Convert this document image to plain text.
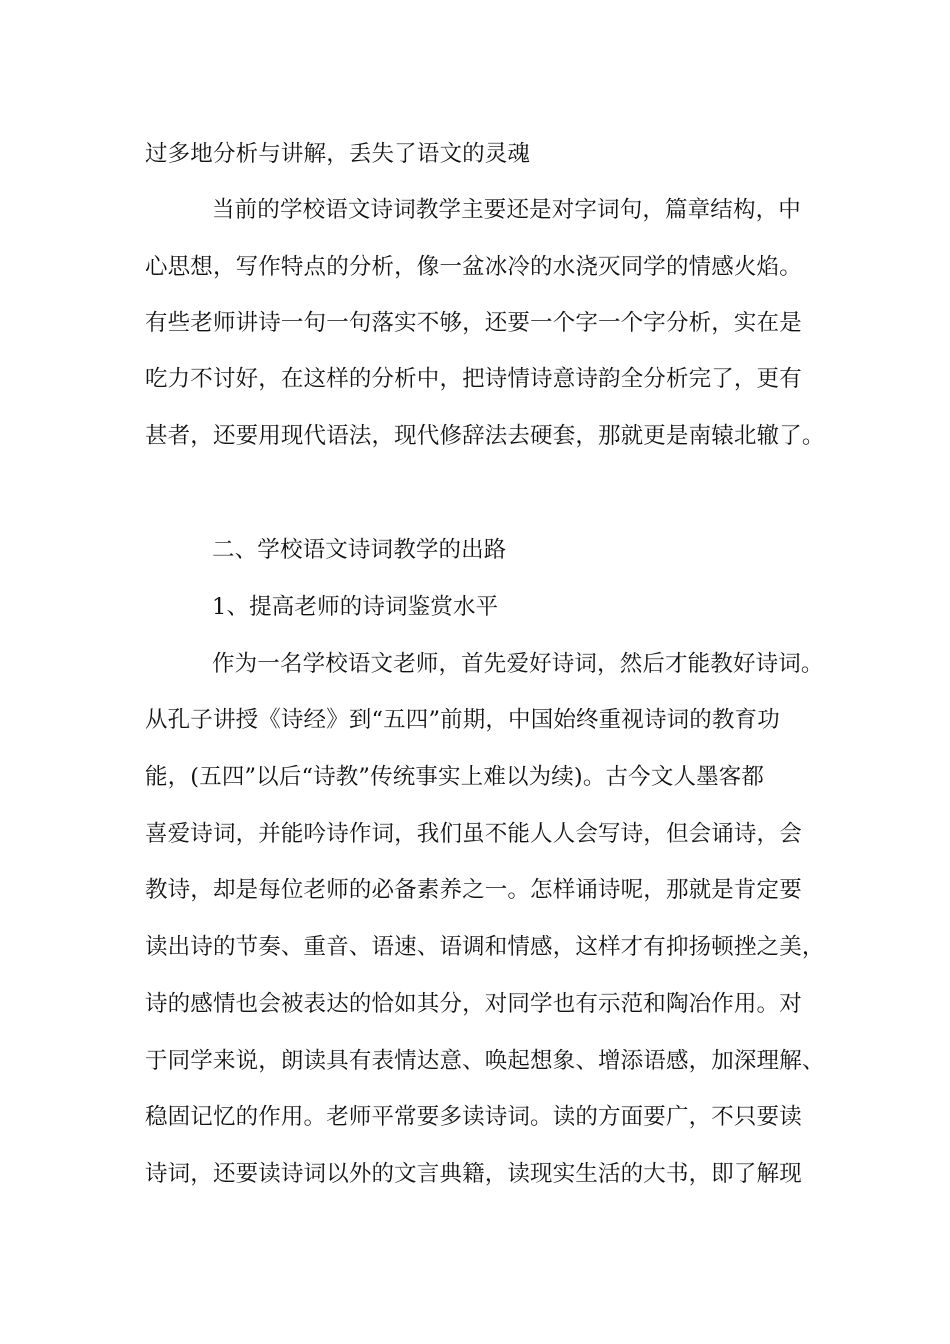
过多地分析与讲解，丢失了语文的灵魂
当前的学校语文诗词教学主要还是对字词句，篇章结构，中
心思想，写作特点的分析，像一盆冰冷的水浇灭同学的情感火焰。
有些老师讲诗一句一句落实不够，还要一个字一个字分析，实在是
吃力不讨好，在这样的分析中，把诗情诗意诗韵全分析完了，更有
甚者，还要用现代语法，现代修辞法去硬套，那就更是南辕北辙了。
二、学校语文诗词教学的出路
1、提高老师的诗词鉴赏水平
作为一名学校语文老师，首先爱好诗词，然后才能教好诗词。
从孔子讲授《诗经》到“五四”前期，中国始终重视诗词的教育功
能，(五四”以后“诗教”传统事实上难以为续)。古今文人墨客都
喜爱诗词，并能吟诗作词，我们虽不能人人会写诗，但会诵诗，会
教诗，却是每位老师的必备素养之一。怎样诵诗呢，那就是肯定要
读出诗的节奏、重音、语速、语调和情感，这样才有抑扬顿挫之美，
诗的感情也会被表达的恰如其分，对同学也有示范和陶冶作用。对
于同学来说，朗读具有表情达意、唤起想象、增添语感，加深理解、
稳固记忆的作用。老师平常要多读诗词。读的方面要广，不只要读
诗词，还要读诗词以外的文言典籍，读现实生活的大书，即了解现
